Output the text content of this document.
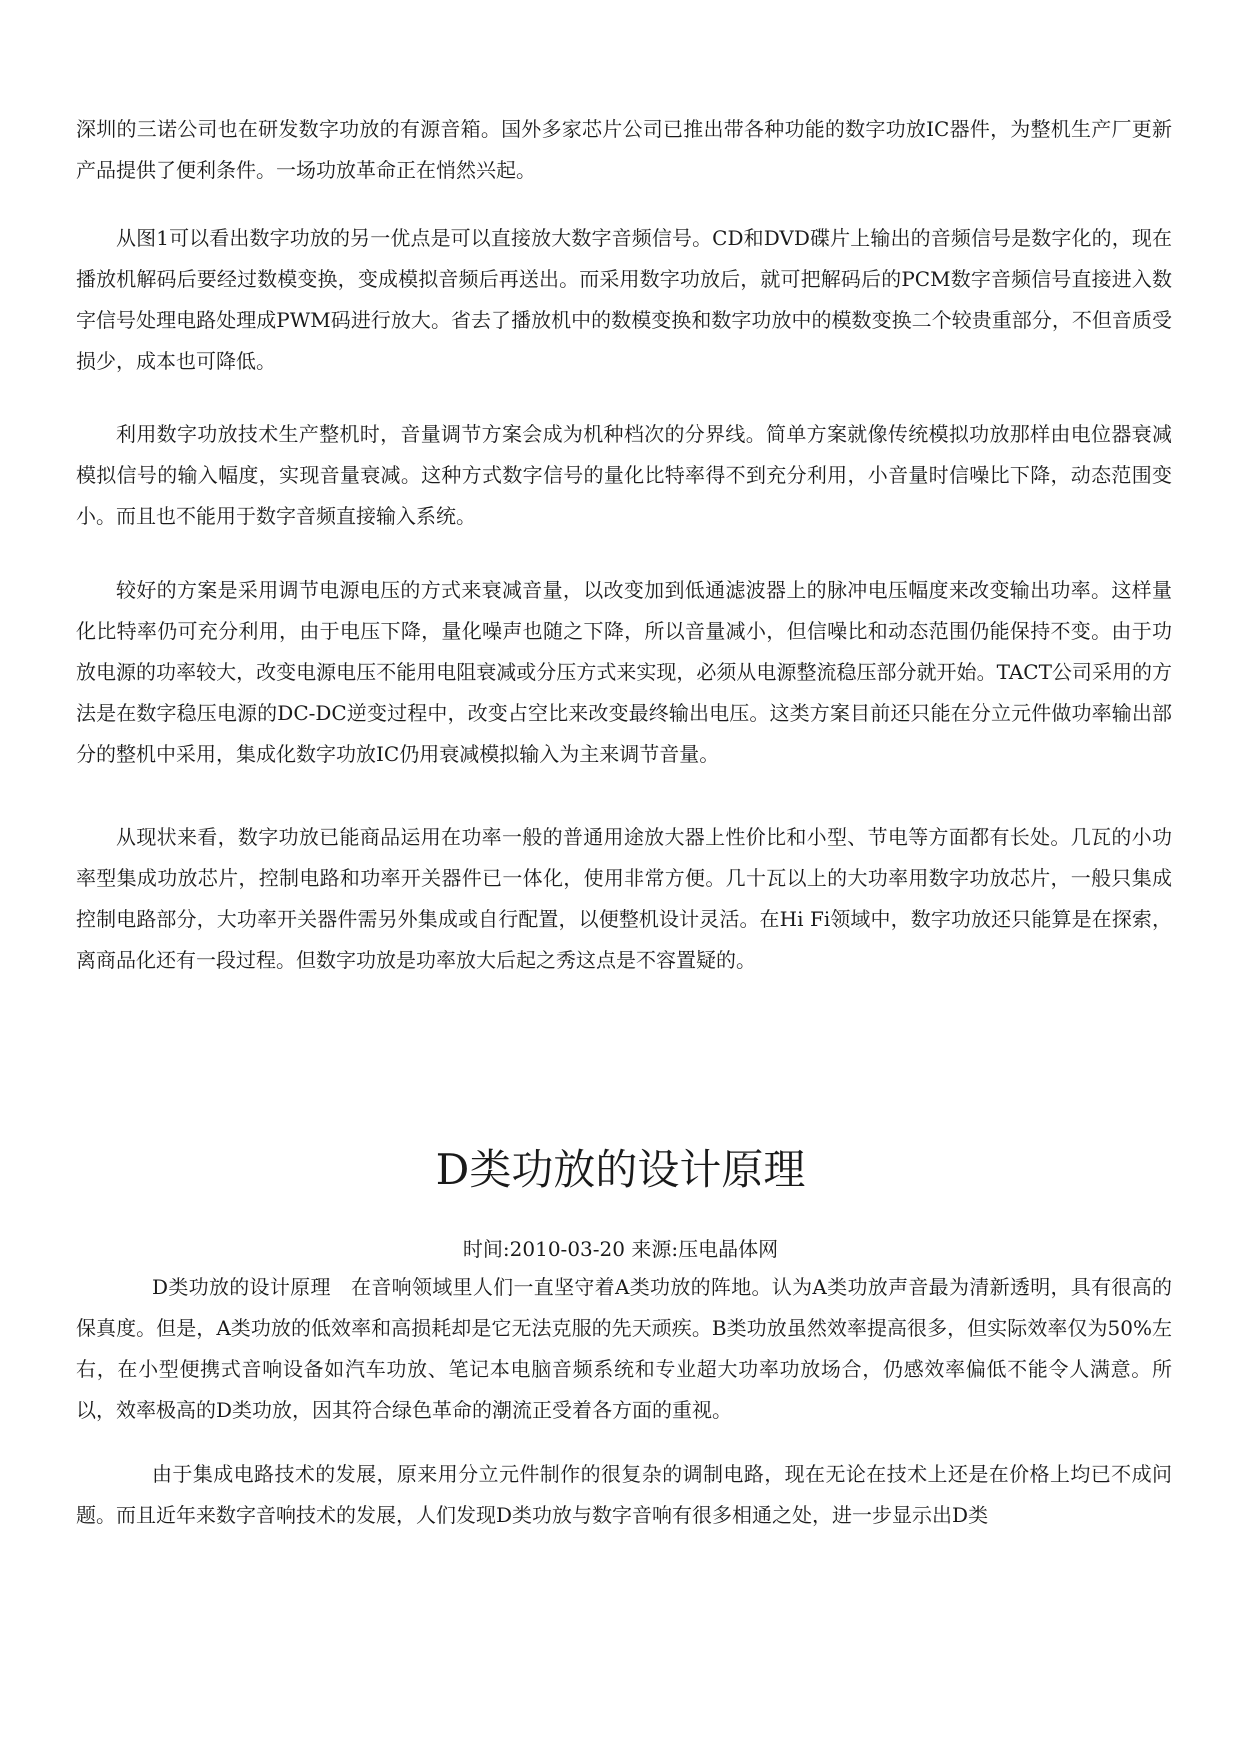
深圳的三诺公司也在研发数字功放的有源音箱。国外多家芯片公司已推出带各种功能的数字功放IC器件，为整机生产厂更新产品提供了便利条件。一场功放革命正在悄然兴起。

从图1可以看出数字功放的另一优点是可以直接放大数字音频信号。CD和DVD碟片上输出的音频信号是数字化的，现在播放机解码后要经过数模变换，变成模拟音频后再送出。而采用数字功放后，就可把解码后的PCM数字音频信号直接进入数字信号处理电路处理成PWM码进行放大。省去了播放机中的数模变换和数字功放中的模数变换二个较贵重部分，不但音质受损少，成本也可降低。

利用数字功放技术生产整机时，音量调节方案会成为机种档次的分界线。简单方案就像传统模拟功放那样由电位器衰减模拟信号的输入幅度，实现音量衰减。这种方式数字信号的量化比特率得不到充分利用，小音量时信噪比下降，动态范围变小。而且也不能用于数字音频直接输入系统。

较好的方案是采用调节电源电压的方式来衰减音量，以改变加到低通滤波器上的脉冲电压幅度来改变输出功率。这样量化比特率仍可充分利用，由于电压下降，量化噪声也随之下降，所以音量减小，但信噪比和动态范围仍能保持不变。由于功放电源的功率较大，改变电源电压不能用电阻衰减或分压方式来实现，必须从电源整流稳压部分就开始。TACT公司采用的方法是在数字稳压电源的DC-DC逆变过程中，改变占空比来改变最终输出电压。这类方案目前还只能在分立元件做功率输出部分的整机中采用，集成化数字功放IC仍用衰减模拟输入为主来调节音量。

从现状来看，数字功放已能商品运用在功率一般的普通用途放大器上性价比和小型、节电等方面都有长处。几瓦的小功率型集成功放芯片，控制电路和功率开关器件已一体化，使用非常方便。几十瓦以上的大功率用数字功放芯片，一般只集成控制电路部分，大功率开关器件需另外集成或自行配置，以便整机设计灵活。在Hi Fi领域中，数字功放还只能算是在探索，离商品化还有一段过程。但数字功放是功率放大后起之秀这点是不容置疑的。

D类功放的设计原理
时间:2010-03-20 来源:压电晶体网

D类功放的设计原理　在音响领域里人们一直坚守着A类功放的阵地。认为A类功放声音最为清新透明，具有很高的保真度。但是，A类功放的低效率和高损耗却是它无法克服的先天顽疾。B类功放虽然效率提高很多，但实际效率仅为50%左右，在小型便携式音响设备如汽车功放、笔记本电脑音频系统和专业超大功率功放场合，仍感效率偏低不能令人满意。所以，效率极高的D类功放，因其符合绿色革命的潮流正受着各方面的重视。

由于集成电路技术的发展，原来用分立元件制作的很复杂的调制电路，现在无论在技术上还是在价格上均已不成问题。而且近年来数字音响技术的发展，人们发现D类功放与数字音响有很多相通之处，进一步显示出D类
